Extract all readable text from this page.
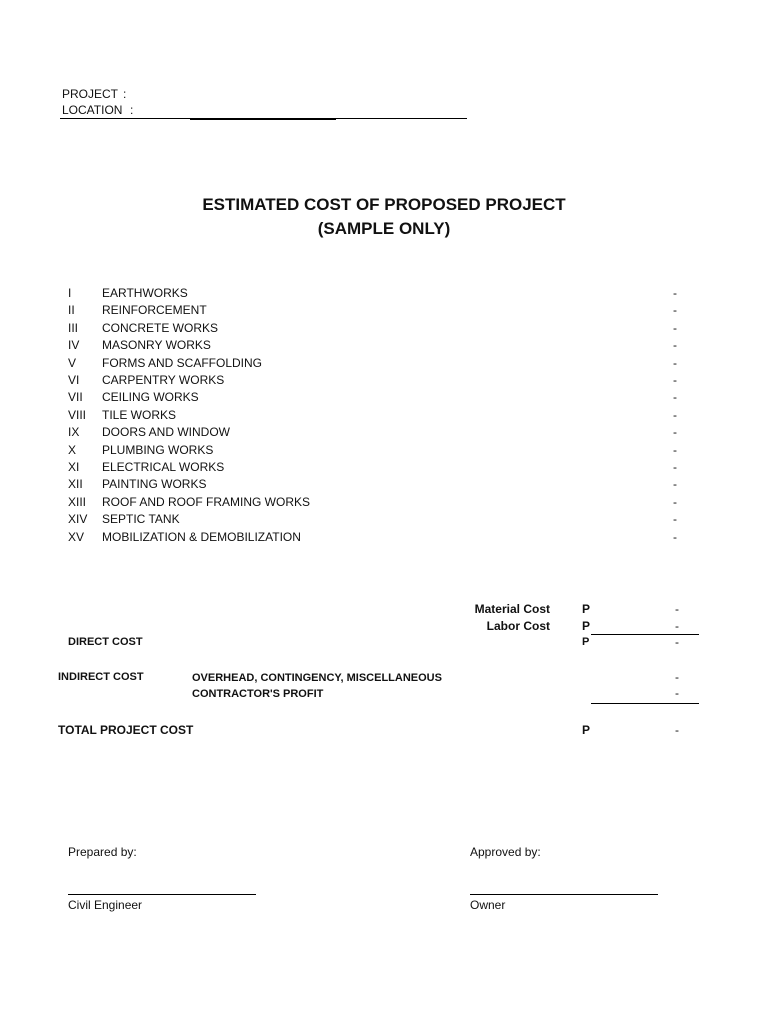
PROJECT :
LOCATION :
ESTIMATED COST OF PROPOSED PROJECT
(SAMPLE ONLY)
I	EARTHWORKS	-
II REINFORCEMENT	-
III CONCRETE WORKS	-
IV MASONRY WORKS	-
V FORMS AND SCAFFOLDING	-
VI CARPENTRY WORKS	-
VII CEILING WORKS	-
VIII TILE WORKS	-
IX DOORS AND WINDOW	-
X PLUMBING WORKS	-
XI ELECTRICAL WORKS	-
XII PAINTING WORKS	-
XIII ROOF AND ROOF FRAMING WORKS	-
XIV SEPTIC TANK	-
XV MOBILIZATION & DEMOBILIZATION	-
Material Cost	P	-
Labor Cost	P	-
DIRECT COST	P	-
INDIRECT COST	OVERHEAD, CONTINGENCY, MISCELLANEOUS	-
CONTRACTOR'S PROFIT	-
TOTAL PROJECT COST	P	-
Prepared by:
Civil Engineer
Approved by:
Owner
